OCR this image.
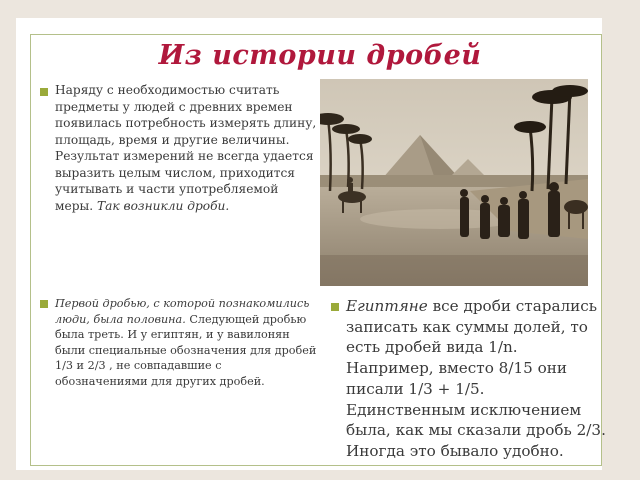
Из истории дробей
Наряду с необходимостью считать предметы у людей с древних времен появилась потребность измерять длину, площадь, время и другие величины. Результат измерений не всегда удается выразить целым числом, приходится учитывать и части употребляемой меры. Так возникли дроби.
Первой дробью, с которой познакомились люди, была половина. Следующей дробью была треть. И у египтян, и у вавилонян были специальные обозначения для дробей 1/3 и 2/3 , не совпадавшие с обозначениями для других дробей.
Египтяне все дроби старались записать как суммы долей, то есть дробей вида 1/n. Например, вместо 8/15 они писали 1/3 + 1/5. Единственным исключением была, как мы сказали дробь 2/3. Иногда это бывало удобно.
